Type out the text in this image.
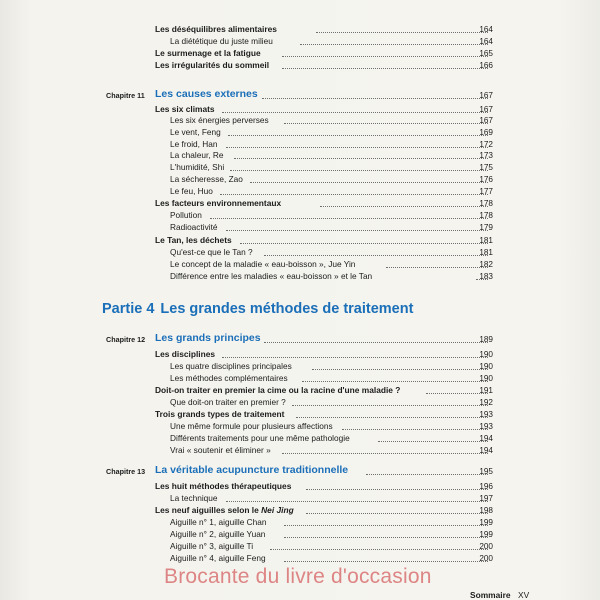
Les déséquilibres alimentaires	164
La diététique du juste milieu	164
Le surmenage et la fatigue	165
Les irrégularités du sommeil	166
Chapitre 11 Les causes externes	167
Les six climats	167
Les six énergies perverses	167
Le vent, Feng	169
Le froid, Han	172
La chaleur, Re	173
L'humidité, Shi	175
La sécheresse, Zao	176
Le feu, Huo	177
Les facteurs environnementaux	178
Pollution	178
Radioactivité	179
Le Tan, les déchets	181
Qu'est-ce que le Tan ?	181
Le concept de la maladie « eau-boisson », Jue Yin	182
Différence entre les maladies « eau-boisson » et le Tan	183
Partie 4 Les grandes méthodes de traitement
Chapitre 12 Les grands principes	189
Les disciplines	190
Les quatre disciplines principales	190
Les méthodes complémentaires	190
Doit-on traiter en premier la cime ou la racine d'une maladie ?	191
Que doit-on traiter en premier ?	192
Trois grands types de traitement	193
Une même formule pour plusieurs affections	193
Différents traitements pour une même pathologie	194
Vrai « soutenir et éliminer »	194
Chapitre 13 La véritable acupuncture traditionnelle	195
Les huit méthodes thérapeutiques	196
La technique	197
Les neuf aiguilles selon le Nei Jing	198
Aiguille n° 1, aiguille Chan	199
Aiguille n° 2, aiguille Yuan	199
Aiguille n° 3, aiguille Ti	200
Aiguille n° 4, aiguille Feng	200
Brocante du livre d'occasion
Sommaire XV
